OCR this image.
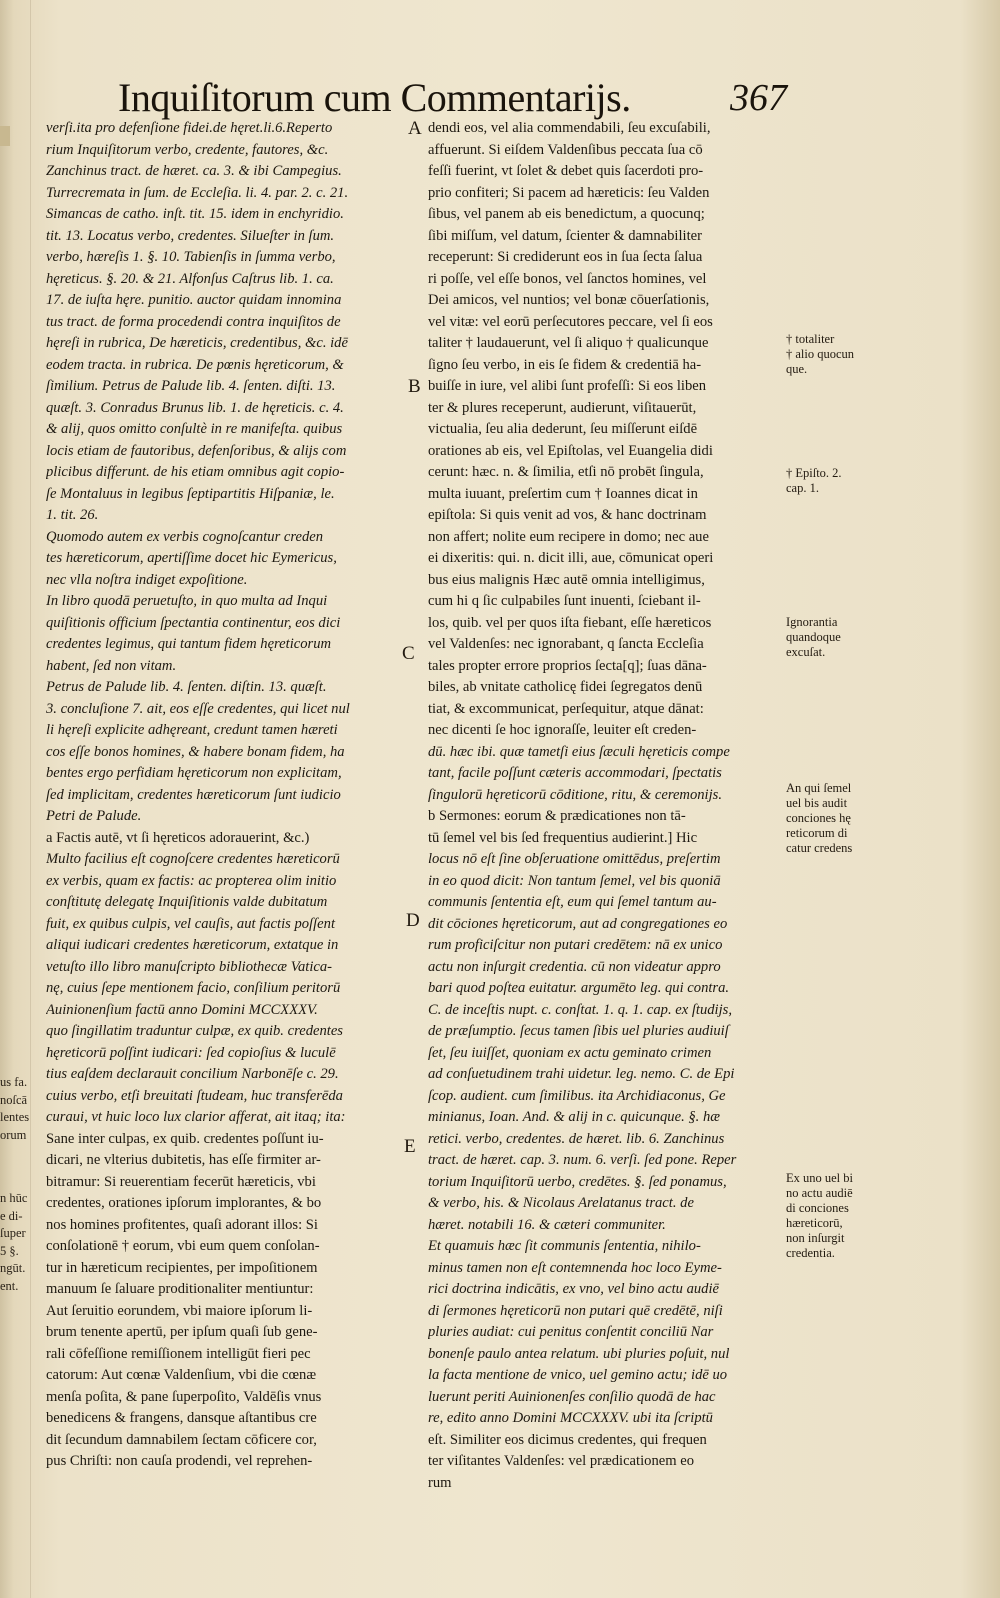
Inquiſitorum cum Commentarijs.	367
verſi.ita pro defenſione fidei.de hęret.li.6.Reperto
rium Inquiſitorum verbo, credente, fautores, &c.
Zanchinus tract. de hæret. ca. 3. & ibi Campegius.
Turrecremata in ſum. de Eccleſia. li. 4. par. 2. c. 21.
Simancas de catho. inſt. tit. 15. idem in enchyridio.
tit. 13. Locatus verbo, credentes. Silueſter in ſum.
verbo, hæreſis 1. §. 10. Tabienſis in ſumma verbo,
hęreticus. §. 20. & 21. Alfonſus Caſtrus lib. 1. ca.
17. de iuſta hęre. punitio. auctor quidam innomina
tus tract. de forma procedendi contra inquiſitos de
hęreſi in rubrica, De hæreticis, credentibus, &c. idē
eodem tracta. in rubrica. De pœnis hęreticorum, &
ſimilium. Petrus de Palude lib. 4. ſenten. diſti. 13.
quæſt. 3. Conradus Brunus lib. 1. de hęreticis. c. 4.
& alij, quos omitto conſultè in re manifeſta. quibus
locis etiam de fautoribus, defenſoribus, & alijs com
plicibus differunt. de his etiam omnibus agit copio-
ſe Montaluus in legibus ſeptipartitis Hiſpaniæ, le.
1. tit. 26.
Quomodo autem ex verbis cognoſcantur creden
tes hæreticorum, apertiſſime docet hic Eymericus,
nec vlla noſtra indiget expoſitione.
In libro quodā peruetuſto, in quo multa ad Inqui
quiſitionis officium ſpectantia continentur, eos dici
credentes legimus, qui tantum fidem hęreticorum
habent, ſed non vitam.
Petrus de Palude lib. 4. ſenten. diſtin. 13. quæſt.
3. concluſione 7. ait, eos eſſe credentes, qui licet nul
li hęreſi explicite adhęreant, credunt tamen hæreti
cos eſſe bonos homines, & habere bonam fidem, ha
bentes ergo perfidiam hęreticorum non explicitam,
ſed implicitam, credentes hæreticorum ſunt iudicio
Petri de Palude.
a Factis autē, vt ſi hęreticos adorauerint, &c.)
Multo facilius eſt cognoſcere credentes hæreticorū
ex verbis, quam ex factis: ac propterea olim initio
conſtitutę delegatę Inquiſitionis valde dubitatum
fuit, ex quibus culpis, vel cauſis, aut factis poſſent
aliqui iudicari credentes hæreticorum, extatque in
vetuſto illo libro manuſcripto bibliothecæ Vatica-
nę, cuius ſepe mentionem facio, conſilium peritorū
Auinionenſium factū anno Domini MCCXXXV.
quo ſingillatim traduntur culpæ, ex quib. credentes
hęreticorū poſſint iudicari: ſed copioſius & luculē
tius eaſdem declarauit concilium Narbonēſe c. 29.
cuius verbo, etſi breuitati ſtudeam, huc transferēda
curaui, vt huic loco lux clarior afferat, ait itaq; ita:
Sane inter culpas, ex quib. credentes poſſunt iu-
dicari, ne vlterius dubitetis, has eſſe firmiter ar-
bitramur: Si reuerentiam fecerūt hæreticis, vbi
credentes, orationes ipſorum implorantes, & bo
nos homines profitentes, quaſi adorant illos: Si
conſolationē † eorum, vbi eum quem conſolan-
tur in hæreticum recipientes, per impoſitionem
manuum ſe ſaluare proditionaliter mentiuntur:
Aut ſeruitio eorundem, vbi maiore ipſorum li-
brum tenente apertū, per ipſum quaſi ſub gene-
rali cōfeſſione remiſſionem intelligūt fieri pec
catorum: Aut cœnæ Valdenſium, vbi die cœnæ
menſa poſita, & pane ſuperpoſito, Valdēſis vnus
benedicens & frangens, dansque aſtantibus cre
dit ſecundum damnabilem ſectam cōficere cor,
pus Chriſti: non cauſa prodendi, vel reprehen-
dendi eos, vel alia commendabili, ſeu excuſabili,
affuerunt. Si eiſdem Valdenſibus peccata ſua cō
feſſi fuerint, vt ſolet & debet quis ſacerdoti pro-
prio confiteri; Si pacem ad hæreticis: ſeu Valden
ſibus, vel panem ab eis benedictum, a quocunq;
ſibi miſſum, vel datum, ſcienter & damnabiliter
receperunt: Si crediderunt eos in ſua ſecta ſalua
ri poſſe, vel eſſe bonos, vel ſanctos homines, vel
Dei amicos, vel nuntios; vel bonæ cōuerſationis,
vel vitæ: vel eorū perſecutores peccare, vel ſi eos
taliter † laudauerunt, vel ſi aliquo † qualicunque
ſigno ſeu verbo, in eis ſe fidem & credentiā ha-
buiſſe in iure, vel alibi ſunt profeſſi: Si eos liben
ter & plures receperunt, audierunt, viſitauerūt,
victualia, ſeu alia dederunt, ſeu miſſerunt eiſdē
orationes ab eis, vel Epiſtolas, vel Euangelia didi
cerunt: hæc. n. & ſimilia, etſi nō probēt ſingula,
multa iuuant, preſertim cum † Ioannes dicat in
epiſtola: Si quis venit ad vos, & hanc doctrinam
non affert; nolite eum recipere in domo; nec aue
ei dixeritis: qui. n. dicit illi, aue, cōmunicat operi
bus eius malignis Hæc autē omnia intelligimus,
cum hi q ſic culpabiles ſunt inuenti, ſciebant il-
los, quib. vel per quos iſta fiebant, eſſe hæreticos
vel Valdenſes: nec ignorabant, q ſancta Eccleſia
tales propter errore proprios ſecta[q]; ſuas dāna-
biles, ab vnitate catholicę fidei ſegregatos denū
tiat, & excommunicat, perſequitur, atque dānat:
nec dicenti ſe hoc ignoraſſe, leuiter eſt creden-
dū. hæc ibi. quæ tametſi eius ſæculi hęreticis compe
tant, facile poſſunt cæteris accommodari, ſpectatis
ſingulorū hęreticorū cōditione, ritu, & ceremonijs.
b Sermones: eorum & prædicationes non tā-
tū ſemel vel bis ſed frequentius audierint.] Hic
locus nō eſt ſine obſeruatione omittēdus, preſertim
in eo quod dicit: Non tantum ſemel, vel bis quoniā
communis ſententia eſt, eum qui ſemel tantum au-
dit cōciones hęreticorum, aut ad congregationes eo
rum proficiſcitur non putari credētem: nā ex unico
actu non inſurgit credentia. cū non videatur appro
bari quod poſtea euitatur. argumēto leg. qui contra.
C. de inceſtis nupt. c. conſtat. 1. q. 1. cap. ex ſtudijs,
de præſumptio. ſecus tamen ſibis uel pluries audiuiſ
ſet, ſeu iuiſſet, quoniam ex actu geminato crimen
ad conſuetudinem trahi uidetur. leg. nemo. C. de Epi
ſcop. audient. cum ſimilibus. ita Archidiaconus, Ge
minianus, Ioan. And. & alij in c. quicunque. §. hæ
retici. verbo, credentes. de hæret. lib. 6. Zanchinus
tract. de hæret. cap. 3. num. 6. verſi. ſed pone. Reper
torium Inquiſitorū uerbo, credētes. §. ſed ponamus,
& verbo, his. & Nicolaus Arelatanus tract. de
hæret. notabili 16. & cæteri communiter.
Et quamuis hæc ſit communis ſententia, nihilo-
minus tamen non eſt contemnenda hoc loco Eyme-
rici doctrina indicātis, ex vno, vel bino actu audiē
di ſermones hęreticorū non putari quē credētē, niſi
pluries audiat: cui penitus conſentit conciliū Nar
bonenſe paulo antea relatum. ubi pluries poſuit, nul
la facta mentione de vnico, uel gemino actu; idē uo
luerunt periti Auinionenſes conſilio quodā de hac
re, edito anno Domini MCCXXXV. ubi ita ſcriptū
eſt. Similiter eos dicimus credentes, qui frequen
ter viſitantes Valdenſes: vel prædicationem eo
rum
A
B
C
D
E
† totaliter
† alio quocun
que.
† Epiſto. 2.
cap. 1.
Ignorantia
quandoque
excuſat.
An qui ſemel
uel bis audit
conciones hę
reticorum di
catur credens
Ex uno uel bi
no actu audiē
di conciones
hæreticorū,
non inſurgit
credentia.
us fa.
noſcā
lentes
orum
n hūc
e di-
ſuper
5 §.
ngūt.
ent.
